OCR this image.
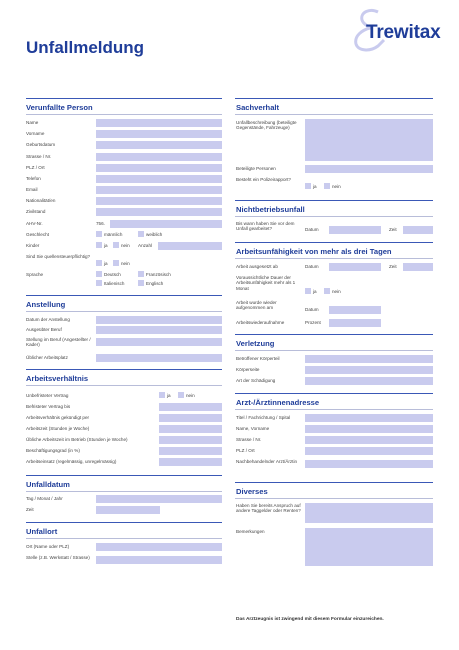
Unfallmeldung
Trewitax
Verunfallte Person
Name
Vorname
Geburtsdatum
Strasse / Nr.
PLZ / Ort
Telefon
Email
Nationalität/en
Zivilstand
AHV-Nr.	756.
Geschlecht	männlich	weiblich
Kinder	ja	nein Anzahl
Sind Sie quellensteuerpflichtig?
ja	nein
Sprache	Deutsch	Französisch
Italienisch	Englisch
Anstellung
Datum der Anstellung
Ausgeübter Beruf
Stellung im Beruf (Angestellter / Kader)
Üblicher Arbeitsplatz
Arbeitsverhältnis
Unbefristeter Vertrag	ja	nein
Befristeter Vertrag bis
Arbeitsverhältnis gekündigt per
Arbeitszeit (Stunden je Woche)
Übliche Arbeitszeit im Betrieb (Stunden je Woche)
Beschäftigungsgrad (in %)
Arbeitseinsatz (regelmässig, unregelmässig)
Unfalldatum
Tag / Monat / Jahr
Zeit
Unfallort
Ort (Name oder PLZ)
Stelle (z.B. Werkstatt / Strasse)
Sachverhalt
Unfallbeschreibung (beteiligte Gegenstände, Fahrzeuge)
Beteiligte Personen
Besteht ein Polizeirapport?
ja	nein
Nichtbetriebsunfall
Bis wann haben Sie vor dem Unfall gearbeitet?	Datum	Zeit
Arbeitsunfähigkeit von mehr als drei Tagen
Arbeit ausgesetzt ab	Datum	Zeit
Voraussichtliche Dauer der Arbeitsunfähigkeit mehr als 1 Monat
ja	nein
Arbeit wurde wieder aufgenommen am	Datum
Arbeitswiederaufnahme	Prozent
Verletzung
Betroffener Körperteil
Körperseite
Art der Schädigung
Arzt-/Ärztinnenadresse
Titel / Fachrichtung / Spital
Name, Vorname
Strasse / Nr.
PLZ / Ort
Nachbehandelnder Arzt/Ärztin
Diverses
Haben Sie bereits Anspruch auf andere Taggelder oder Renten?
Bemerkungen
Das Arztzeugnis ist zwingend mit diesem Formular einzureichen.
